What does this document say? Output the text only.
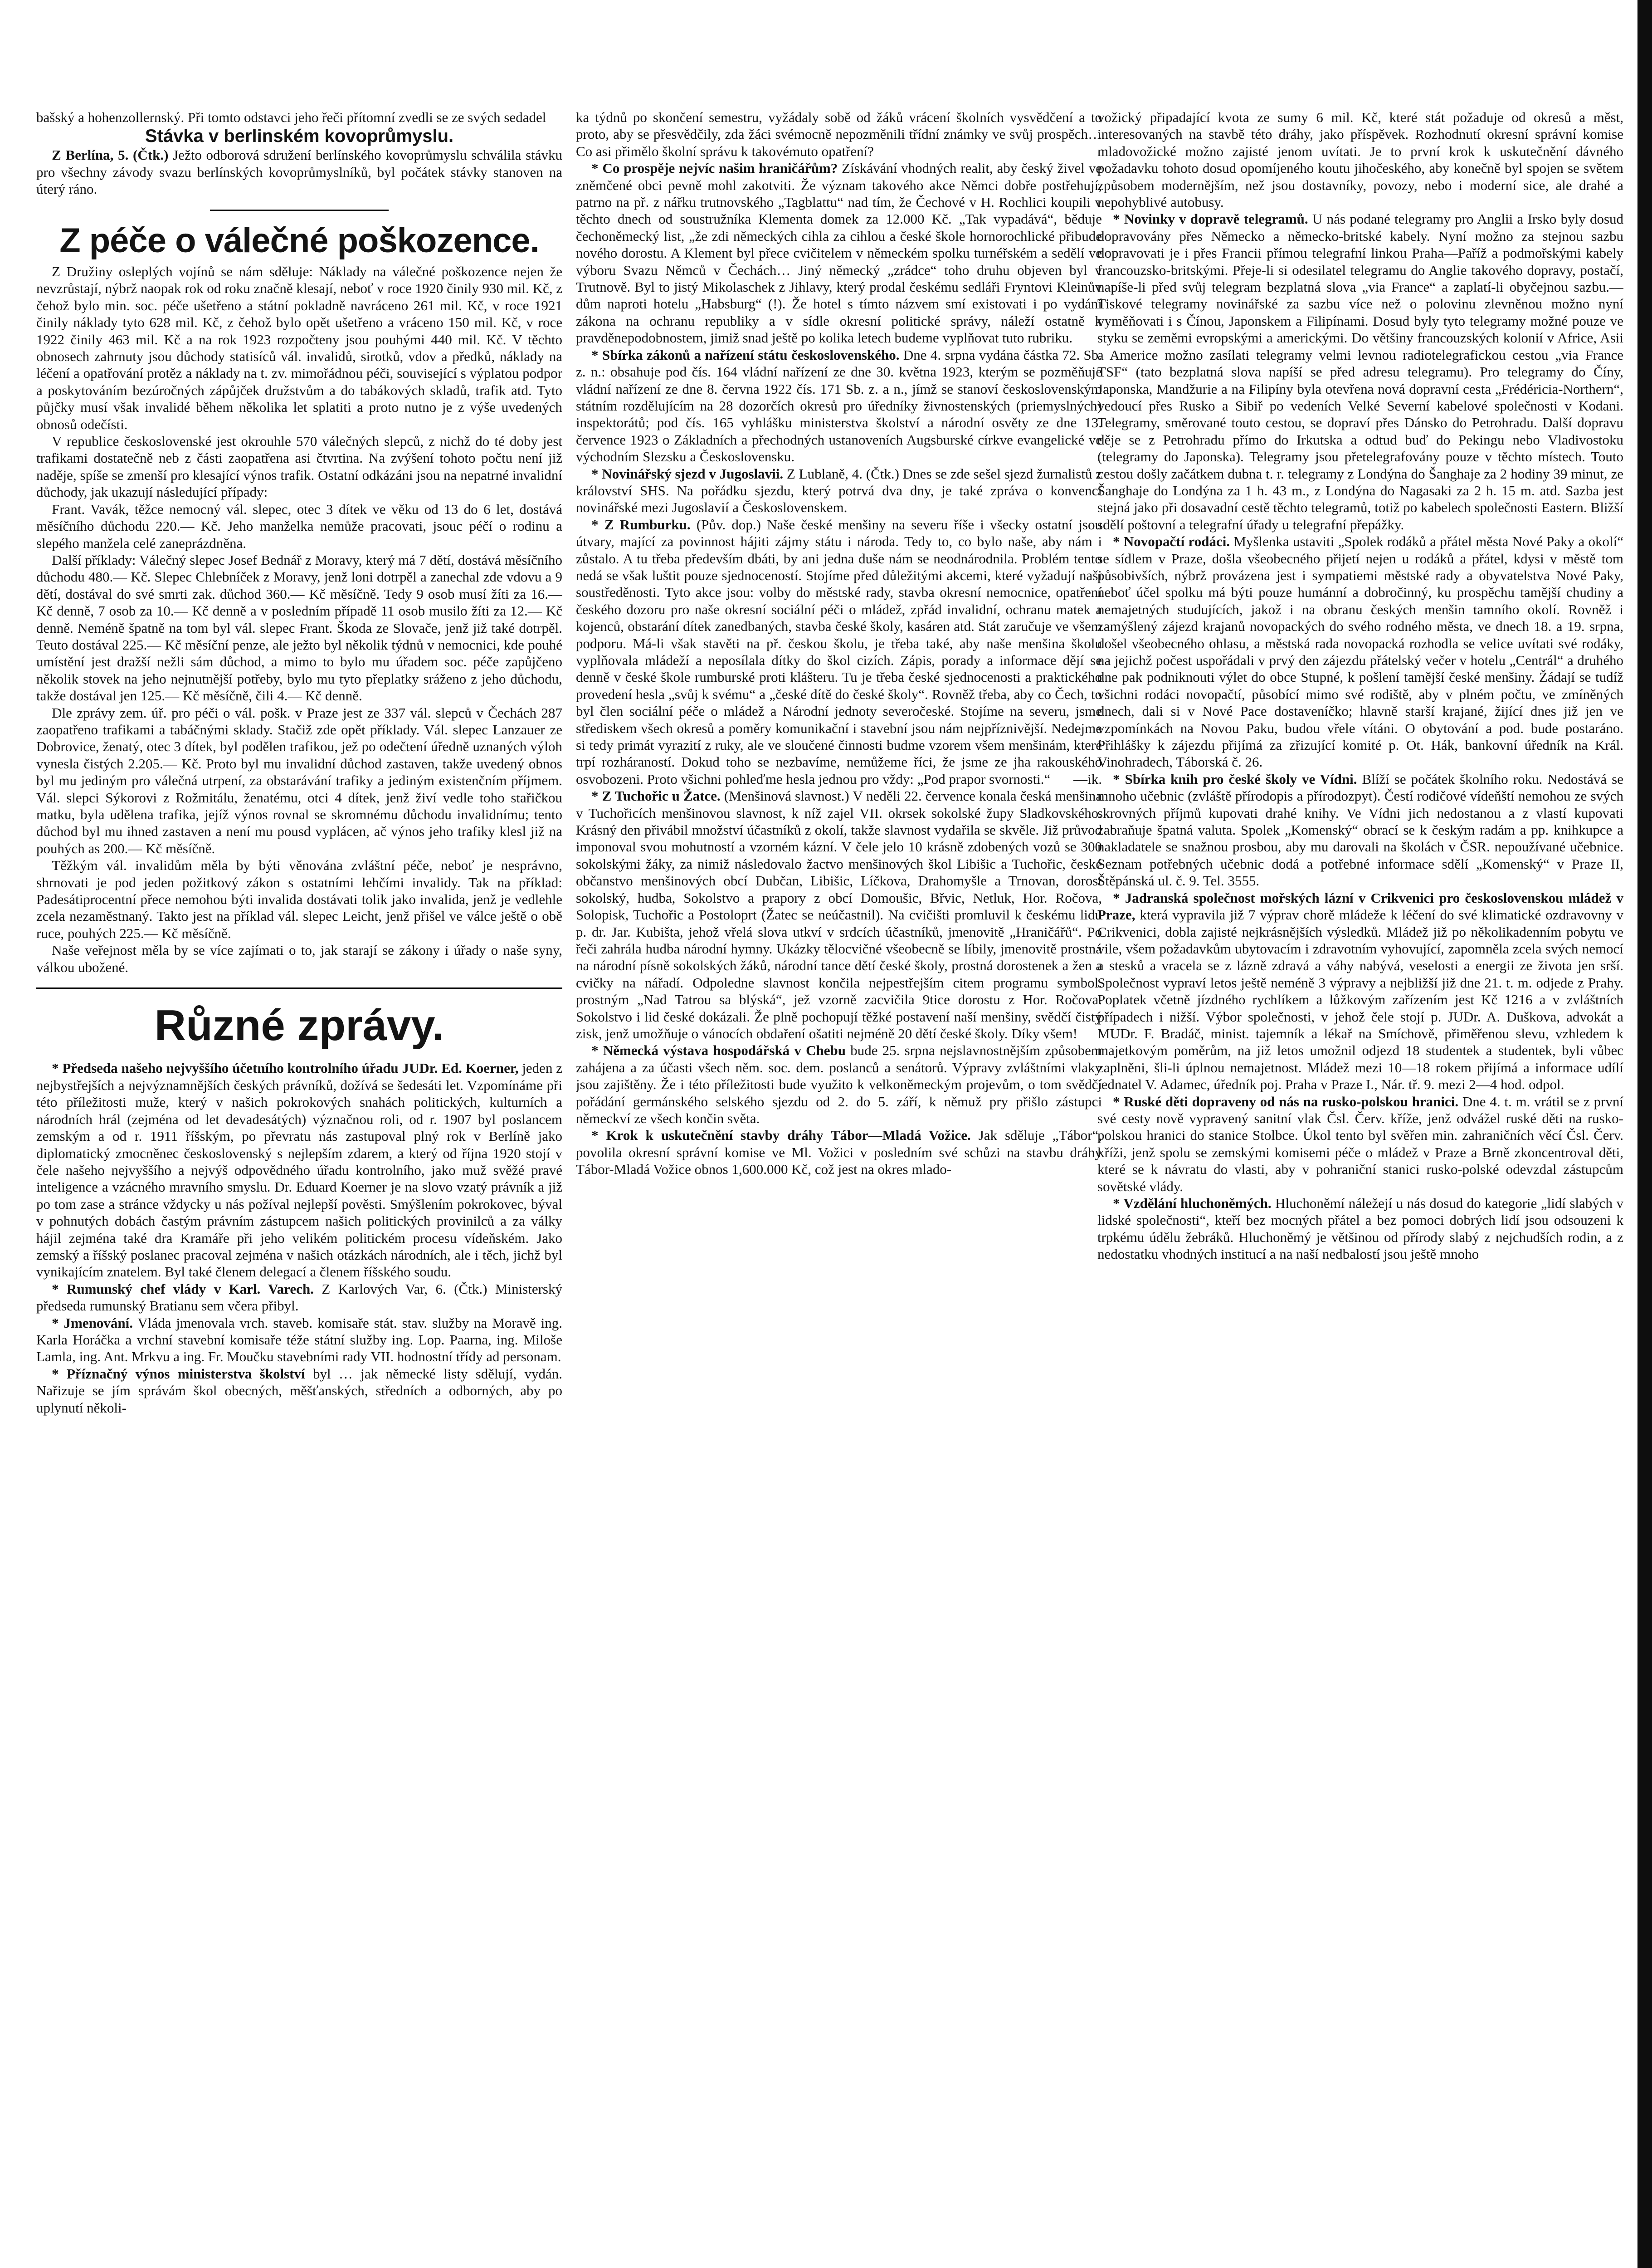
bašský a hohenzollernský. Při tomto odstavci jeho řeči přítomní zvedli se ze svých sedadel

Stávka v berlinském kovoprůmyslu.

Z Berlína, 5. (Čtk.) Ježto odborová sdružení berlínského kovoprůmyslu schválila stávku pro všechny závody svazu berlínských kovoprůmyslníků, byl počátek stávky stanoven na úterý ráno.

Z péče o válečné poškozence.

Z Družiny osleplých vojínů se nám sděluje: Náklady na válečné poškozence nejen že nevzrůstají, nýbrž naopak rok od roku značně klesají, neboť v roce 1920 činily 930 mil. Kč, z čehož bylo min. soc. péče ušetřeno a státní pokladně navráceno 261 mil. Kč, v roce 1921 činily náklady tyto 628 mil. Kč, z čehož bylo opět ušetřeno a vráceno 150 mil. Kč, v roce 1922 činily 463 mil. Kč a na rok 1923 rozpočteny jsou pouhými 440 mil. Kč. V těchto obnosech zahrnuty jsou důchody statisíců vál. invalidů, sirotků, vdov a předků, náklady na léčení a opatřování protěz a náklady na t. zv. mimořádnou péči, související s výplatou podpor a poskytováním bezúročných zápůjček družstvům a do tabákových skladů, trafik atd. Tyto půjčky musí však invalidé během několika let splatiti a proto nutno je z výše uvedených obnosů odečísti.

V republice československé jest okrouhle 570 válečných slepců, z nichž do té doby jest trafikami dostatečně neb z části zaopatřena asi čtvrtina. Na zvýšení tohoto počtu není již naděje, spíše se zmenší pro klesající výnos trafik. Ostatní odkázáni jsou na nepatrné invalidní důchody, jak ukazují následující případy:

Frant. Vavák, těžce nemocný vál. slepec, otec 3 dítek ve věku od 13 do 6 let, dostává měsíčního důchodu 220.— Kč. Jeho manželka nemůže pracovati, jsouc péčí o rodinu a slepého manžela celé zaneprázdněna.

Další příklady: Válečný slepec Josef Bednář z Moravy, který má 7 dětí, dostává měsíčního důchodu 480.— Kč. Slepec Chlebníček z Moravy, jenž loni dotrpěl a zanechal zde vdovu a 9 dětí, dostával do své smrti zak. důchod 360.— Kč měsíčně. Tedy 9 osob musí žíti za 16.— Kč denně, 7 osob za 10.— Kč denně a v posledním případě 11 osob musilo žíti za 12.— Kč denně. Neméně špatně na tom byl vál. slepec Frant. Škoda ze Slovače, jenž již také dotrpěl. Teuto dostával 225.— Kč měsíční penze, ale ježto byl několik týdnů v nemocnici, kde pouhé umístění jest dražší nežli sám důchod, a mimo to bylo mu úřadem soc. péče zapůjčeno několik stovek na jeho nejnutnější potřeby, bylo mu tyto přeplatky sráženo z jeho důchodu, takže dostával jen 125.— Kč měsíčně, čili 4.— Kč denně.

Dle zprávy zem. úř. pro péči o vál. pošk. v Praze jest ze 337 vál. slepců v Čechách 287 zaopatřeno trafikami a tabáčnými sklady. Stačiž zde opět příklady. Vál. slepec Lanzauer ze Dobrovice, ženatý, otec 3 dítek, byl podělen trafikou, jež po odečtení úředně uznaných výloh vynesla čistých 2.205.— Kč. Proto byl mu invalidní důchod zastaven, takže uvedený obnos byl mu jediným pro válečná utrpení, za obstarávání trafiky a jediným existenčním příjmem. Vál. slepci Sýkorovi z Rožmitálu, ženatému, otci 4 dítek, jenž živí vedle toho stařičkou matku, byla udělena trafika, jejíž výnos rovnal se skromnému důchodu invalidnímu; tento důchod byl mu ihned zastaven a není mu pousd vyplácen, ač výnos jeho trafiky klesl již na pouhých as 200.— Kč měsíčně.

Těžkým vál. invalidům měla by býti věnována zvláštní péče, neboť je nesprávno, shrnovati je pod jeden požitkový zákon s ostatními lehčími invalidy. Tak na příklad: Padesátiprocentní přece nemohou býti invalida dostávati tolik jako invalida, jenž je vedlehle zcela nezaměstnaný. Takto jest na příklad vál. slepec Leicht, jenž přišel ve válce ještě o obě ruce, pouhých 225.— Kč měsíčně.

Naše veřejnost měla by se více zajímati o to, jak starají se zákony i úřady o naše syny, válkou ubožené.

Různé zprávy.

* Předseda našeho nejvyššího účetního kontrolního úřadu JUDr. Ed. Koerner, jeden z nejbystřejších a nejvýznamnějších českých právníků, dožívá se šedesáti let. Vzpomínáme při této příležitosti muže, který v našich pokrokových snahách politických, kulturních a národních hrál (zejména od let devadesátých) význačnou roli, od r. 1907 byl poslancem zemským a od r. 1911 říšským, po převratu nás zastupoval plný rok v Berlíně jako diplomatický zmocněnec československý s nejlepším zdarem, a který od října 1920 stojí v čele našeho nejvyššího a nejvýš odpovědného úřadu kontrolního, jako muž svěžé pravé inteligence a vzácného mravního smyslu. Dr. Eduard Koerner je na slovo vzatý právník a již po tom zase a stránce vždycky u nás požíval nejlepší pověsti. Smýšlením pokrokovec, býval v pohnutých dobách častým právním zástupcem našich politických provinilců a za války hájil zejména také dra Kramáře při jeho velikém politickém procesu vídeňském. Jako zemský a říšský poslanec pracoval zejména v našich otázkách národních, ale i těch, jichž byl vynikajícím znatelem. Byl také členem delegací a členem říšského soudu.

* Rumunský chef vlády v Karl. Varech. Z Karlových Var, 6. (Čtk.) Ministerský předseda rumunský Bratianu sem včera přibyl.

* Jmenování. Vláda jmenovala vrch. staveb. komisaře stát. stav. služby na Moravě ing. Karla Horáčka a vrchní stavební komisaře téže státní služby ing. Lop. Paarna, ing. Miloše Lamla, ing. Ant. Mrkvu a ing. Fr. Moučku stavebními rady VII. hodnostní třídy ad personam.

* Příznačný výnos ministerstva školství byl … jak německé listy sdělují, vydán. Nařizuje se jím správám škol obecných, měšťanských, středních a odborných, aby po uplynutí několi-

ka týdnů po skončení semestru, vyžádaly sobě od žáků vrácení školních vysvědčení a to proto, aby se přesvědčily, zda žáci svémocně nepozměnili třídní známky ve svůj prospěch… Co asi přimělo školní správu k takovémuto opatření?

* Co prospěje nejvíc našim hraničářům? Získávání vhodných realit, aby český živel ve zněmčené obci pevně mohl zakotviti. Že význam takového akce Němci dobře postřehují, patrno na př. z nářku trutnovského „Tagblattu“ nad tím, že Čechové v H. Rochlici koupili v těchto dnech od soustružníka Klementa domek za 12.000 Kč. „Tak vypadává“, běduje čechoněmecký list, „že zdi německých cihla za cihlou a české škole hornorochlické přibude nového dorostu. A Klement byl přece cvičitelem v německém spolku turnéřském a sedělí ve výboru Svazu Němců v Čechách… Jiný německý „zrádce“ toho druhu objeven byl v Trutnově. Byl to jistý Mikolaschek z Jihlavy, který prodal českému sedláři Fryntovi Kleinův dům naproti hotelu „Habsburg“ (!). Že hotel s tímto názvem smí existovati i po vydání zákona na ochranu republiky a v sídle okresní politické správy, náleží ostatně k pravděnepodobnostem, jimiž snad ještě po kolika letech budeme vyplňovat tuto rubriku.

* Sbírka zákonů a nařízení státu československého. Dne 4. srpna vydána částka 72. Sb. z. n.: obsahuje pod čís. 164 vládní nařízení ze dne 30. května 1923, kterým se pozměňuje vládní nařízení ze dne 8. června 1922 čís. 171 Sb. z. a n., jímž se stanoví československým státním rozdělujícím na 28 dozorčích okresů pro úředníky živnostenských (priemyslných) inspektorátů; pod čís. 165 vyhlášku ministerstva školství a národní osvěty ze dne 13. července 1923 o Základních a přechodných ustanoveních Augsburské církve evangelické ve východním Slezsku a Československu.

* Novinářský sjezd v Jugoslavii. Z Lublaně, 4. (Čtk.) Dnes se zde sešel sjezd žurnalistů z království SHS. Na pořádku sjezdu, který potrvá dva dny, je také zpráva o konvenci novinářské mezi Jugoslavií a Československem.

* Z Rumburku. (Pův. dop.) Naše české menšiny na severu říše i všecky ostatní jsou útvary, mající za povinnost hájiti zájmy státu i národa. Tedy to, co bylo naše, aby nám i zůstalo. A tu třeba především dbáti, by ani jedna duše nám se neodnárodnila. Problém tento nedá se však luštit pouze sjednoceností. Stojíme před důležitými akcemi, které vyžadují naši soustředěnosti. Tyto akce jsou: volby do městské rady, stavba okresní nemocnice, opatření českého dozoru pro naše okresní sociální péči o mládež, zpřád invalidní, ochranu matek a kojenců, obstarání dítek zanedbaných, stavba české školy, kasáren atd. Stát zaručuje ve všem podporu. Má-li však stavěti na př. českou školu, je třeba také, aby naše menšina školu vyplňovala mládeží a neposílala dítky do škol cizích. Zápis, porady a informace dějí se denně v české škole rumburské proti klášteru. Tu je třeba české sjednocenosti a praktického provedení hesla „svůj k svému“ a „české dítě do české školy“. Rovněž třeba, aby co Čech, to byl člen sociální péče o mládež a Národní jednoty severočeské. Stojíme na severu, jsme střediskem všech okresů a poměry komunikační i stavební jsou nám nejpříznivější. Nedejme si tedy primát vyrazití z ruky, ale ve sloučené činnosti budme vzorem všem menšinám, které trpí rozháraností. Dokud toho se nezbavíme, nemůžeme říci, že jsme ze jha rakouského osvobozeni. Proto všichni pohleďme hesla jednou pro vždy: „Pod prapor svornosti.“	—ik.

* Z Tuchořic u Žatce. (Menšinová slavnost.) V neděli 22. července konala česká menšina v Tuchořicích menšinovou slavnost, k níž zajel VII. okrsek sokolské župy Sladkovského. Krásný den přivábil množství účastníků z okolí, takže slavnost vydařila se skvěle. Již průvod imponoval svou mohutností a vzorném kázní. V čele jelo 10 krásně zdobených vozů se 300 sokolskými žáky, za nimiž následovalo žactvo menšinových škol Libišic a Tuchořic, české občanstvo menšinových obcí Dubčan, Libišic, Líčkova, Drahomyšle a Trnovan, dorost sokolský, hudba, Sokolstvo a prapory z obcí Domoušic, Břvic, Netluk, Hor. Ročova, Solopisk, Tuchořic a Postoloprt (Žatec se neúčastnil). Na cvičišti promluvil k českému lidu p. dr. Jar. Kubišta, jehož vřelá slova utkví v srdcích účastníků, jmenovitě „Hraničářů“. Po řeči zahrála hudba národní hymny. Ukázky tělocvičné všeobecně se líbily, jmenovitě prostná na národní písně sokolských žáků, národní tance dětí české školy, prostná dorostenek a žen a cvičky na nářadí. Odpoledne slavnost končila nejpestřejším citem programu symbol. prostným „Nad Tatrou sa blýská“, jež vzorně zacvičila 9tice dorostu z Hor. Ročova. Sokolstvo i lid české dokázali. Že plně pochopují těžké postavení naší menšiny, svědčí čistý zisk, jenž umožňuje o vánocích obdaření ošatiti nejméně 20 dětí české školy. Díky všem!

* Německá výstava hospodářská v Chebu bude 25. srpna nejslavnostnějším způsobem zahájena a za účasti všech něm. soc. dem. poslanců a senátorů. Výpravy zvláštními vlaky jsou zajištěny. Že i této příležitosti bude využito k velkoněmeckým projevům, o tom svědčí pořádání germánského selského sjezdu od 2. do 5. září, k němuž pry přišlo zástupci německví ze všech končin světa.

* Krok k uskutečnění stavby dráhy Tábor—Mladá Vožice. Jak sděluje „Tábor“, povolila okresní správní komise ve Ml. Vožici v posledním své schůzi na stavbu dráhy Tábor-Mladá Vožice obnos 1,600.000 Kč, což jest na okres mlado-

vožický připadající kvota ze sumy 6 mil. Kč, které stát požaduje od okresů a měst, interesovaných na stavbě této dráhy, jako příspěvek. Rozhodnutí okresní správní komise mladovožické možno zajisté jenom uvítati. Je to první krok k uskutečnění dávného požadavku tohoto dosud opomíjeného koutu jihočeského, aby konečně byl spojen se světem způsobem modernějším, než jsou dostavníky, povozy, nebo i moderní sice, ale drahé a nepohyblivé autobusy.

* Novinky v dopravě telegramů. U nás podané telegramy pro Anglii a Irsko byly dosud dopravovány přes Německo a německo-britské kabely. Nyní možno za stejnou sazbu dopravovati je i přes Francii přímou telegrafní linkou Praha—Paříž a podmořskými kabely francouzsko-britskými. Přeje-li si odesilatel telegramu do Anglie takového dopravy, postačí, napíše-li před svůj telegram bezplatná slova „via France“ a zaplatí-li obyčejnou sazbu.— Tiskové telegramy novinářské za sazbu více než o polovinu zlevněnou možno nyní vyměňovati i s Čínou, Japonskem a Filipínami. Dosud byly tyto telegramy možné pouze ve styku se zeměmi evropskými a americkými. Do většiny francouzských kolonií v Africe, Asii a Americe možno zasílati telegramy velmi levnou radiotelegrafickou cestou „via France TSF“ (tato bezplatná slova napíší se před adresu telegramu). Pro telegramy do Číny, Japonska, Mandžurie a na Filipíny byla otevřena nová dopravní cesta „Frédéricia-Northern“, vedoucí přes Rusko a Sibiř po vedeních Velké Severní kabelové společnosti v Kodani. Telegramy, směrované touto cestou, se dopraví přes Dánsko do Petrohradu. Další dopravu děje se z Petrohradu přímo do Irkutska a odtud buď do Pekingu nebo Vladivostoku (telegramy do Japonska). Telegramy jsou přetelegrafovány pouze v těchto místech. Touto cestou došly začátkem dubna t. r. telegramy z Londýna do Šanghaje za 2 hodiny 39 minut, ze Šanghaje do Londýna za 1 h. 43 m., z Londýna do Nagasaki za 2 h. 15 m. atd. Sazba jest stejná jako při dosavadní cestě těchto telegramů, totiž po kabelech společnosti Eastern. Bližší sdělí poštovní a telegrafní úřady u telegrafní přepážky.

* Novopačtí rodáci. Myšlenka ustaviti „Spolek rodáků a přátel města Nové Paky a okolí“ se sídlem v Praze, došla všeobecného přijetí nejen u rodáků a přátel, kdysi v městě tom působivších, nýbrž provázena jest i sympatiemi městské rady a obyvatelstva Nové Paky, neboť účel spolku má býti pouze humánní a dobročinný, ku prospěchu tamější chudiny a nemajetných studujících, jakož i na obranu českých menšin tamního okolí. Rovněž i zamýšlený zájezd krajanů novopackých do svého rodného města, ve dnech 18. a 19. srpna, došel všeobecného ohlasu, a městská rada novopacká rozhodla se velice uvítati své rodáky, na jejichž počest uspořádali v prvý den zájezdu přátelský večer v hotelu „Centrál“ a druhého dne pak podniknouti výlet do obce Stupné, k pošlení tamější české menšiny. Žádají se tudíž všichni rodáci novopačtí, působící mimo své rodiště, aby v plném počtu, ve zmíněných dnech, dali si v Nové Pace dostaveníčko; hlavně starší krajané, žijící dnes již jen ve vzpomínkách na Novou Paku, budou vřele vítáni. O obytování a pod. bude postaráno. Přihlášky k zájezdu přijímá za zřizující komité p. Ot. Hák, bankovní úředník na Král. Vinohradech, Táborská č. 26.

* Sbírka knih pro české školy ve Vídni. Blíží se počátek školního roku. Nedostává se mnoho učebnic (zvláště přírodopis a přírodozpyt). Čestí rodičové vídeňští nemohou ze svých skrovných příjmů kupovati drahé knihy. Ve Vídni jich nedostanou a z vlastí kupovati zabraňuje špatná valuta. Spolek „Komenský“ obrací se k českým radám a pp. knihkupce a nakladatele se snažnou prosbou, aby mu darovali na školách v ČSR. nepoužívané učebnice. Seznam potřebných učebnic dodá a potřebné informace sdělí „Komenský“ v Praze II, Štěpánská ul. č. 9. Tel. 3555.

* Jadranská společnost mořských lázní v Crikvenici pro československou mládež v Praze, která vypravila již 7 výprav chorě mládeže k léčení do své klimatické ozdravovny v Crikvenici, dobla zajisté nejkrásnějších výsledků. Mládež již po několikadenním pobytu ve vile, všem požadavkům ubytovacím i zdravotním vyhovující, zapomněla zcela svých nemocí a stesků a vracela se z lázně zdravá a váhy nabývá, veselosti a energii ze života jen srší. Společnost vypraví letos ještě neméně 3 výpravy a nejbližší již dne 21. t. m. odjede z Prahy. Poplatek včetně jízdného rychlíkem a lůžkovým zařízením jest Kč 1216 a v zvláštních případech i nižší. Výbor společnosti, v jehož čele stojí p. JUDr. A. Duškova, advokát a MUDr. F. Bradáč, minist. tajemník a lékař na Smíchově, přiměřenou slevu, vzhledem k majetkovým poměrům, na již letos umožnil odjezd 18 studentek a studentek, byli vůbec zaplněni, šli-li úplnou nemajetnost. Mládež mezi 10—18 rokem přijímá a informace udílí jednatel V. Adamec, úředník poj. Praha v Praze I., Nár. tř. 9. mezi 2—4 hod. odpol.

* Ruské děti dopraveny od nás na rusko-polskou hranici. Dne 4. t. m. vrátil se z první své cesty nově vypravený sanitní vlak Čsl. Červ. kříže, jenž odvážel ruské děti na rusko-polskou hranici do stanice Stolbce. Úkol tento byl svěřen min. zahraničních věcí Čsl. Červ. kříži, jenž spolu se zemskými komisemi péče o mládež v Praze a Brně zkoncentroval děti, které se k návratu do vlasti, aby v pohraniční stanici rusko-polské odevzdal zástupcům sovětské vlády.

* Vzdělání hluchoněmých. Hluchoněmí náležejí u nás dosud do kategorie „lidí slabých v lidské společnosti“, kteří bez mocných přátel a bez pomoci dobrých lidí jsou odsouzeni k trpkému údělu žebráků. Hluchoněmý je většinou od přírody slabý z nejchudších rodin, a z nedostatku vhodných institucí a na naší nedbalostí jsou ještě mnoho
